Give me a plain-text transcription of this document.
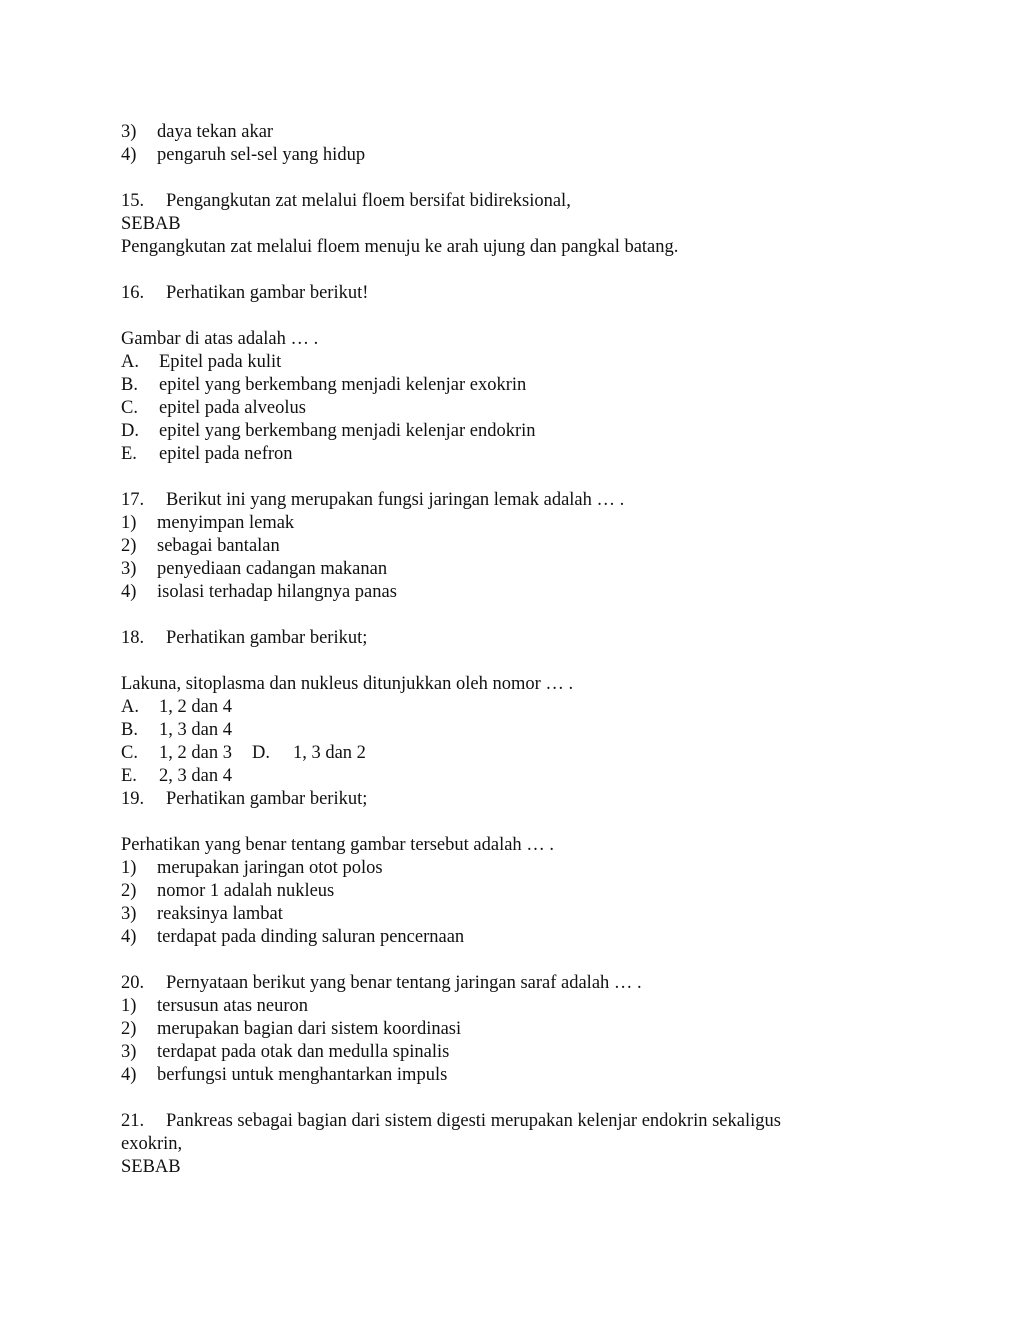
3) daya tekan akar
4) pengaruh sel-sel yang hidup
15. Pengangkutan zat melalui floem bersifat bidireksional,
SEBAB
Pengangkutan zat melalui floem menuju ke arah ujung dan pangkal batang.
16. Perhatikan gambar berikut!
Gambar di atas adalah … .
A. Epitel pada kulit
B. epitel yang berkembang menjadi kelenjar exokrin
C. epitel pada alveolus
D. epitel yang berkembang menjadi kelenjar endokrin
E. epitel pada nefron
17. Berikut ini yang merupakan fungsi jaringan lemak adalah … .
1) menyimpan lemak
2) sebagai bantalan
3) penyediaan cadangan makanan
4) isolasi terhadap hilangnya panas
18. Perhatikan gambar berikut;
Lakuna, sitoplasma dan nukleus ditunjukkan oleh nomor … .
A. 1, 2 dan 4
B. 1, 3 dan 4
C. 1, 2 dan 3 D. 1, 3 dan 2
E. 2, 3 dan 4
19. Perhatikan gambar berikut;
Perhatikan yang benar tentang gambar tersebut adalah … .
1) merupakan jaringan otot polos
2) nomor 1 adalah nukleus
3) reaksinya lambat
4) terdapat pada dinding saluran pencernaan
20. Pernyataan berikut yang benar tentang jaringan saraf adalah … .
1) tersusun atas neuron
2) merupakan bagian dari sistem koordinasi
3) terdapat pada otak dan medulla spinalis
4) berfungsi untuk menghantarkan impuls
21. Pankreas sebagai bagian dari sistem digesti merupakan kelenjar endokrin sekaligus
exokrin,
SEBAB
